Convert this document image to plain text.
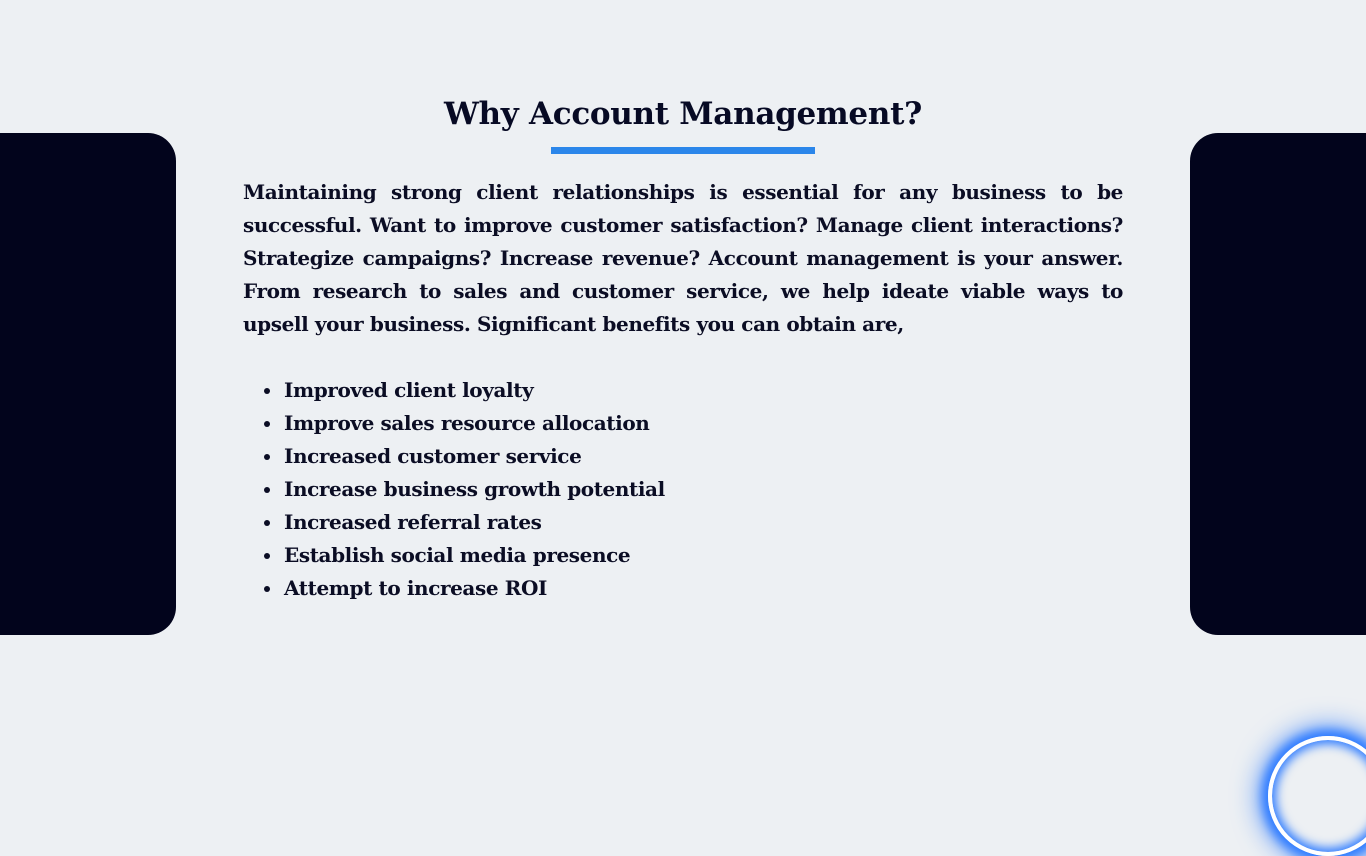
Why Account Management?

Maintaining strong client relationships is essential for any business to be successful. Want to improve customer satisfaction? Manage client interactions? Strategize campaigns? Increase revenue? Account management is your answer. From research to sales and customer service, we help ideate viable ways to upsell your business. Significant benefits you can obtain are,

Improved client loyalty
Improve sales resource allocation
Increased customer service
Increase business growth potential
Increased referral rates
Establish social media presence
Attempt to increase ROI
